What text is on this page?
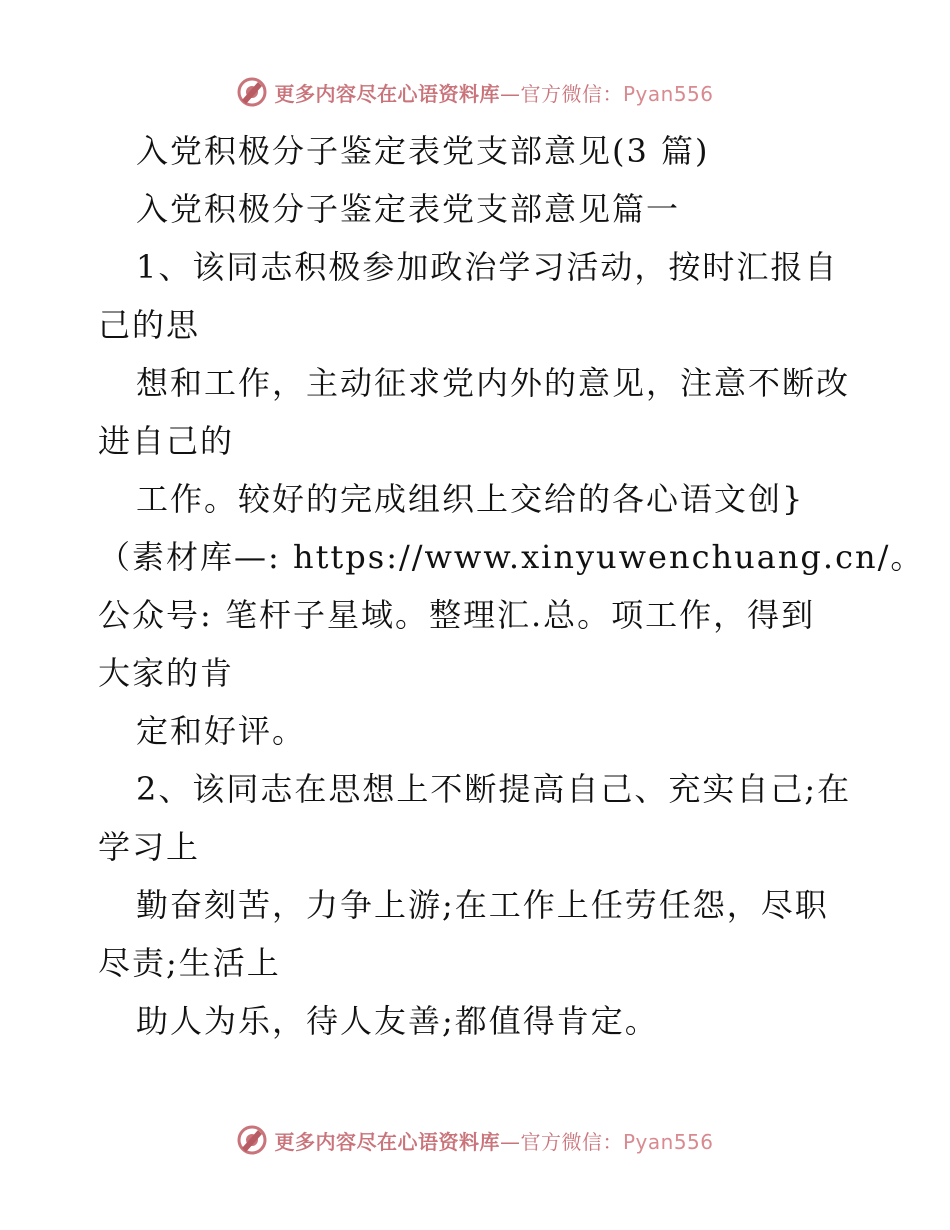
更多内容尽在心语资料库—官方微信：Pyan556
入党积极分子鉴定表党支部意见(3 篇)
入党积极分子鉴定表党支部意见篇一
1、该同志积极参加政治学习活动，按时汇报自
己的思
想和工作，主动征求党内外的意见，注意不断改
进自己的
工作。较好的完成组织上交给的各心语文创}
（素材库—: https://www.xinyuwenchuang.cn/。
公众号: 笔杆子星域。整理汇.总。项工作，得到
大家的肯
定和好评。
2、该同志在思想上不断提高自己、充实自己;在
学习上
勤奋刻苦，力争上游;在工作上任劳任怨，尽职
尽责;生活上
助人为乐，待人友善;都值得肯定。
更多内容尽在心语资料库—官方微信：Pyan556
